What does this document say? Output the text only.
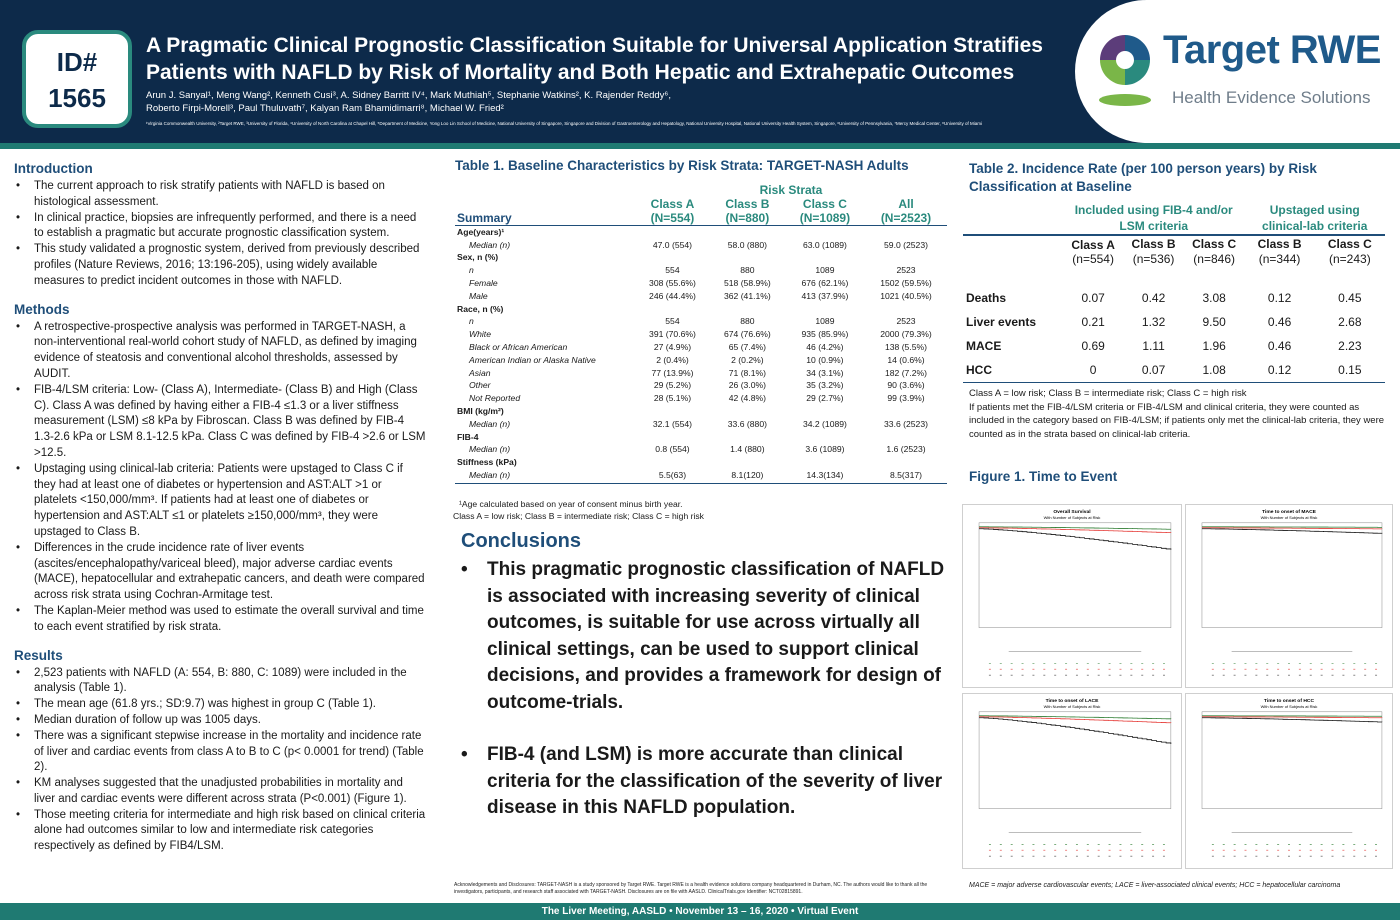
ID#
1565
A Pragmatic Clinical Prognostic Classification Suitable for Universal Application Stratifies Patients with NAFLD by Risk of Mortality and Both Hepatic and Extrahepatic Outcomes
Arun J. Sanyal¹, Meng Wang², Kenneth Cusi³, A. Sidney Barritt IV⁴, Mark Muthiah⁵, Stephanie Watkins², K. Rajender Reddy⁶,
Roberto Firpi-Morell³, Paul Thuluvath⁷, Kalyan Ram Bhamidimarri⁸, Michael W. Fried²
¹Virginia Commonwealth University, ²Target RWE, ³University of Florida, ⁴University of North Carolina at Chapel Hill, ⁵Department of Medicine, Yong Loo Lin School of Medicine, National University of Singapore, Singapore and Division of Gastroenterology and Hepatology, National University Hospital, National University Health System, Singapore, ⁶University of Pennsylvania, ⁷Mercy Medical Center, ⁸University of Miami
Target RWE
Health Evidence Solutions
Introduction
• The current approach to risk stratify patients with NAFLD is based on histological assessment.
• In clinical practice, biopsies are infrequently performed, and there is a need to establish a pragmatic but accurate prognostic classification system.
• This study validated a prognostic system, derived from previously described profiles (Nature Reviews, 2016; 13:196-205), using widely available measures to predict incident outcomes in those with NAFLD.
Methods
• A retrospective-prospective analysis was performed in TARGET-NASH, a non-interventional real-world cohort study of NAFLD, as defined by imaging evidence of steatosis and conventional alcohol thresholds, assessed by AUDIT.
• FIB-4/LSM criteria: Low- (Class A), Intermediate- (Class B) and High (Class C). Class A was defined by having either a FIB-4 ≤1.3 or a liver stiffness measurement (LSM) ≤8 kPa by Fibroscan. Class B was defined by FIB-4 1.3-2.6 kPa or LSM 8.1-12.5 kPa. Class C was defined by FIB-4 >2.6 or LSM >12.5.
• Upstaging using clinical-lab criteria: Patients were upstaged to Class C if they had at least one of diabetes or hypertension and AST:ALT >1 or platelets <150,000/mm³. If patients had at least one of diabetes or hypertension and AST:ALT ≤1 or platelets ≥150,000/mm³, they were upstaged to Class B.
• Differences in the crude incidence rate of liver events (ascites/encephalopathy/variceal bleed), major adverse cardiac events (MACE), hepatocellular and extrahepatic cancers, and death were compared across risk strata using Cochran-Armitage test.
• The Kaplan-Meier method was used to estimate the overall survival and time to each event stratified by risk strata.
Results
• 2,523 patients with NAFLD (A: 554, B: 880, C: 1089) were included in the analysis (Table 1).
• The mean age (61.8 yrs.; SD:9.7) was highest in group C (Table 1).
• Median duration of follow up was 1005 days.
• There was a significant stepwise increase in the mortality and incidence rate of liver and cardiac events from class A to B to C (p< 0.0001 for trend) (Table 2).
• KM analyses suggested that the unadjusted probabilities in mortality and liver and cardiac events were different across strata (P<0.001) (Figure 1).
• Those meeting criteria for intermediate and high risk based on clinical criteria alone had outcomes similar to low and intermediate risk categories respectively as defined by FIB4/LSM.
Table 1. Baseline Characteristics by Risk Strata: TARGET-NASH Adults
	Risk Strata			
	Class A	Class B	Class C	All
Summary	(N=554)	(N=880)	(N=1089)	(N=2523)
Age(years)¹				
Median (n)	47.0 (554)	58.0 (880)	63.0 (1089)	59.0 (2523)
Sex, n (%)				
n	554	880	1089	2523
Female	308 (55.6%)	518 (58.9%)	676 (62.1%)	1502 (59.5%)
Male	246 (44.4%)	362 (41.1%)	413 (37.9%)	1021 (40.5%)
Race, n (%)				
n	554	880	1089	2523
White	391 (70.6%)	674 (76.6%)	935 (85.9%)	2000 (79.3%)
Black or African American	27 (4.9%)	65 (7.4%)	46 (4.2%)	138 (5.5%)
American Indian or Alaska Native	2 (0.4%)	2 (0.2%)	10 (0.9%)	14 (0.6%)
Asian	77 (13.9%)	71 (8.1%)	34 (3.1%)	182 (7.2%)
Other	29 (5.2%)	26 (3.0%)	35 (3.2%)	90 (3.6%)
Not Reported	28 (5.1%)	42 (4.8%)	29 (2.7%)	99 (3.9%)
BMI (kg/m²)				
Median (n)	32.1 (554)	33.6 (880)	34.2 (1089)	33.6 (2523)
FIB-4				
Median (n)	0.8 (554)	1.4 (880)	3.6 (1089)	1.6 (2523)
Stiffness (kPa)				
Median (n)	5.5(63)	8.1(120)	14.3(134)	8.5(317)
¹Age calculated based on year of consent minus birth year.
Class A = low risk; Class B = intermediate risk; Class C = high risk
Conclusions
• This pragmatic prognostic classification of NAFLD is associated with increasing severity of clinical outcomes, is suitable for use across virtually all clinical settings, can be used to support clinical decisions, and provides a framework for design of outcome-trials.
• FIB-4 (and LSM) is more accurate than clinical criteria for the classification of the severity of liver disease in this NAFLD population.
Acknowledgements and Disclosures: TARGET-NASH is a study sponsored by Target RWE. Target RWE is a health evidence solutions company headquartered in Durham, NC. The authors would like to thank all the investigators, participants, and research staff associated with TARGET-NASH. Disclosures are on file with AASLD. ClinicalTrials.gov Identifier: NCT02815891.
Table 2. Incidence Rate (per 100 person years) by Risk Classification at Baseline
	Included using FIB-4 and/or LSM criteria			Upstaged using clinical-lab criteria	
	Class A	Class B	Class C	Class B	Class C
	(n=554)	(n=536)	(n=846)	(n=344)	(n=243)
Deaths	0.07	0.42	3.08	0.12	0.45
Liver events	0.21	1.32	9.50	0.46	2.68
MACE	0.69	1.11	1.96	0.46	2.23
HCC	0	0.07	1.08	0.12	0.15
Class A = low risk; Class B = intermediate risk; Class C = high risk
If patients met the FIB-4/LSM criteria or FIB-4/LSM and clinical criteria, they were counted as included in the category based on FIB-4/LSM; if patients only met the clinical-lab criteria, they were counted as in the strata based on clinical-lab criteria.
Figure 1. Time to Event
Overall Survival
With Number of Subjects at Risk
Time to onset of MACE
With Number of Subjects at Risk
Time to onset of LACE
With Number of Subjects at Risk
Time to onset of HCC
With Number of Subjects at Risk
MACE = major adverse cardiovascular events; LACE = liver-associated clinical events; HCC = hepatocellular carcinoma
The Liver Meeting, AASLD • November 13 – 16, 2020 • Virtual Event
